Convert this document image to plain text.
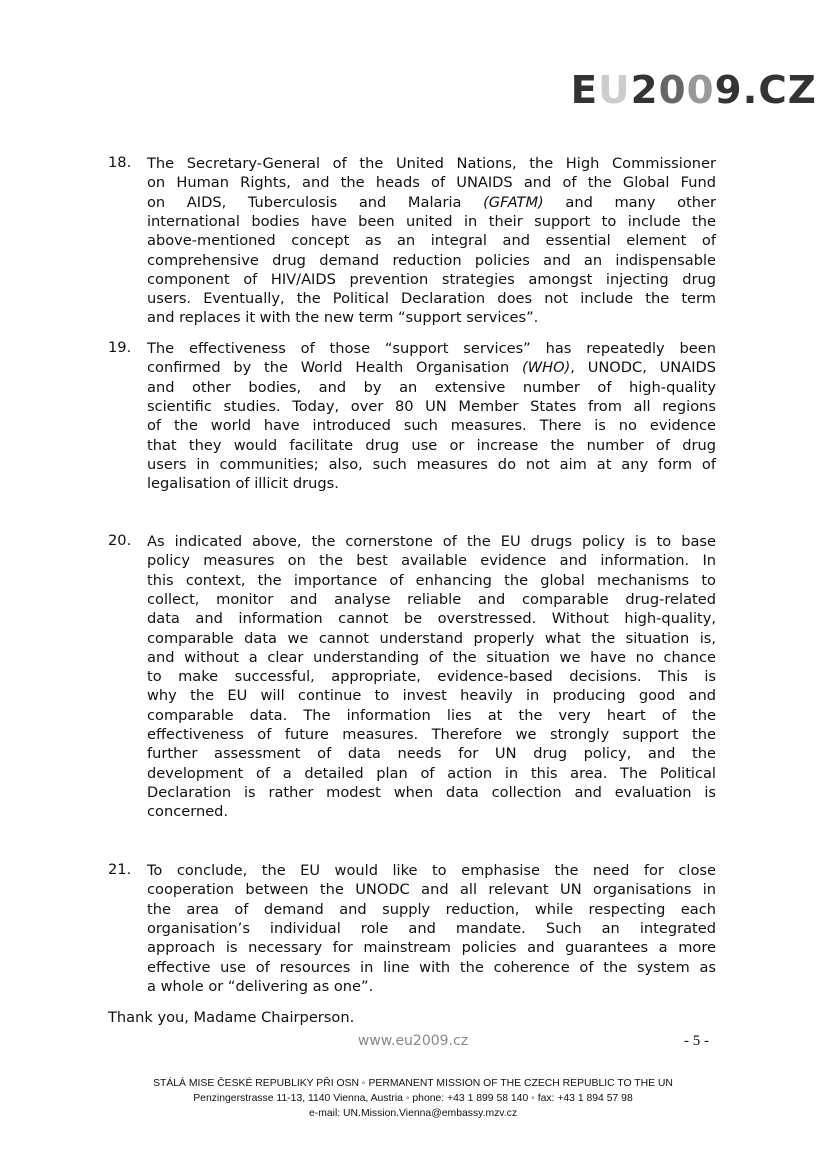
EU2009.CZ
18. The Secretary-General of the United Nations, the High Commissioner
on Human Rights, and the heads of UNAIDS and of the Global Fund
on AIDS, Tuberculosis and Malaria (GFATM) and many other
international bodies have been united in their support to include the
above-mentioned concept as an integral and essential element of
comprehensive drug demand reduction policies and an indispensable
component of HIV/AIDS prevention strategies amongst injecting drug
users. Eventually, the Political Declaration does not include the term
and replaces it with the new term “support services”.
19. The effectiveness of those “support services” has repeatedly been
confirmed by the World Health Organisation (WHO), UNODC, UNAIDS
and other bodies, and by an extensive number of high-quality
scientific studies. Today, over 80 UN Member States from all regions
of the world have introduced such measures. There is no evidence
that they would facilitate drug use or increase the number of drug
users in communities; also, such measures do not aim at any form of
legalisation of illicit drugs.
20. As indicated above, the cornerstone of the EU drugs policy is to base
policy measures on the best available evidence and information. In
this context, the importance of enhancing the global mechanisms to
collect, monitor and analyse reliable and comparable drug-related
data and information cannot be overstressed. Without high-quality,
comparable data we cannot understand properly what the situation is,
and without a clear understanding of the situation we have no chance
to make successful, appropriate, evidence-based decisions. This is
why the EU will continue to invest heavily in producing good and
comparable data. The information lies at the very heart of the
effectiveness of future measures. Therefore we strongly support the
further assessment of data needs for UN drug policy, and the
development of a detailed plan of action in this area. The Political
Declaration is rather modest when data collection and evaluation is
concerned.
21. To conclude, the EU would like to emphasise the need for close
cooperation between the UNODC and all relevant UN organisations in
the area of demand and supply reduction, while respecting each
organisation’s individual role and mandate. Such an integrated
approach is necessary for mainstream policies and guarantees a more
effective use of resources in line with the coherence of the system as
a whole or “delivering as one”.
Thank you, Madame Chairperson.
www.eu2009.cz	- 5 -
STÁLÁ MISE ČESKÉ REPUBLIKY PŘI OSN ◦ PERMANENT MISSION OF THE CZECH REPUBLIC TO THE UN
Penzingerstrasse 11-13, 1140 Vienna, Austria ◦ phone: +43 1 899 58 140 ◦ fax: +43 1 894 57 98
e-mail: UN.Mission.Vienna@embassy.mzv.cz
